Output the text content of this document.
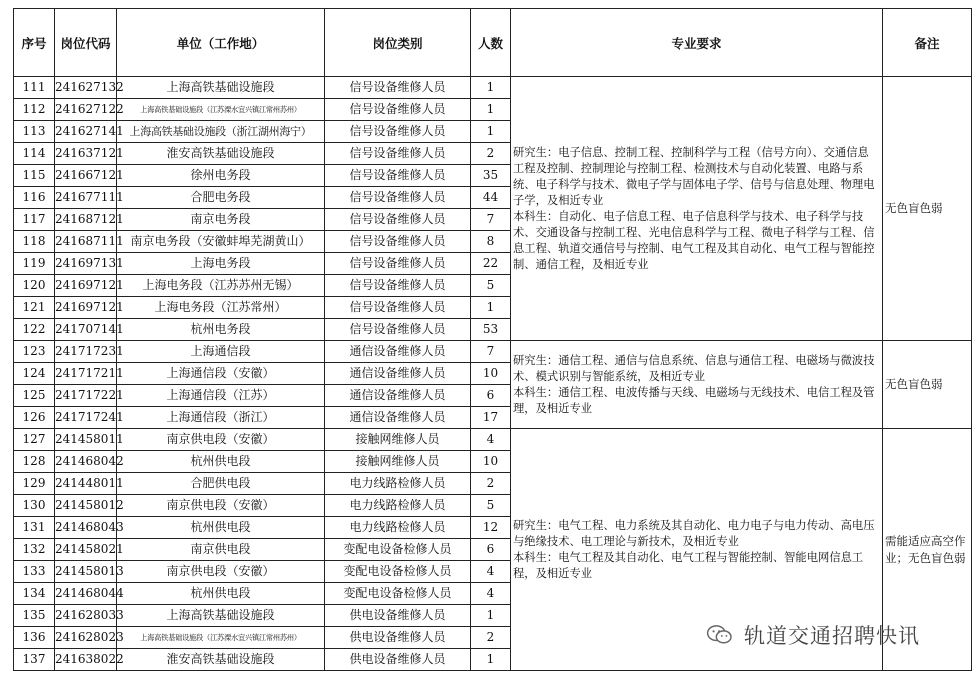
序号	岗位代码	单位（工作地）	岗位类别	人数	专业要求	备注
111	241627132	上海高铁基础设施段	信号设备维修人员	1	研究生：电子信息、控制工程、控制科学与工程（信号方向）、交通信息工程及控制、控制理论与控制工程、检测技术与自动化装置、电路与系统、电子科学与技术、微电子学与固体电子学、信号与信息处理、物理电子学，及相近专业
本科生：自动化、电子信息工程、电子信息科学与技术、电子科学与技术、交通设备与控制工程、光电信息科学与工程、微电子科学与工程、信息工程、轨道交通信号与控制、电气工程及其自动化、电气工程与智能控制、通信工程，及相近专业	无色盲色弱
112	241627122	上海高铁基础设施段（江苏溧水宜兴镇江常州苏州）	信号设备维修人员	1		
113	241627141	上海高铁基础设施段（浙江湖州海宁）	信号设备维修人员	1		
114	241637121	淮安高铁基础设施段	信号设备维修人员	2		
115	241667121	徐州电务段	信号设备维修人员	35		
116	241677111	合肥电务段	信号设备维修人员	44		
117	241687121	南京电务段	信号设备维修人员	7		
118	241687111	南京电务段（安徽蚌埠芜湖黄山）	信号设备维修人员	8		
119	241697131	上海电务段	信号设备维修人员	22		
120	241697121	上海电务段（江苏苏州无锡）	信号设备维修人员	5		
121	241697121	上海电务段（江苏常州）	信号设备维修人员	1		
122	241707141	杭州电务段	信号设备维修人员	53		
123	241717231	上海通信段	通信设备维修人员	7	研究生：通信工程、通信与信息系统、信息与通信工程、电磁场与微波技术、模式识别与智能系统，及相近专业
本科生：通信工程、电波传播与天线、电磁场与无线技术、电信工程及管理，及相近专业	无色盲色弱
124	241717211	上海通信段（安徽）	通信设备维修人员	10		
125	241717221	上海通信段（江苏）	通信设备维修人员	6		
126	241717241	上海通信段（浙江）	通信设备维修人员	17		
127	241458011	南京供电段（安徽）	接触网维修人员	4	研究生：电气工程、电力系统及其自动化、电力电子与电力传动、高电压与绝缘技术、电工理论与新技术，及相近专业
本科生：电气工程及其自动化、电气工程与智能控制、智能电网信息工程，及相近专业	需能适应高空作业；无色盲色弱
128	241468042	杭州供电段	接触网维修人员	10		
129	241448011	合肥供电段	电力线路检修人员	2		
130	241458012	南京供电段（安徽）	电力线路检修人员	5		
131	241468043	杭州供电段	电力线路检修人员	12		
132	241458021	南京供电段	变配电设备检修人员	6		
133	241458013	南京供电段（安徽）	变配电设备检修人员	4		
134	241468044	杭州供电段	变配电设备检修人员	4		
135	241628033	上海高铁基础设施段	供电设备维修人员	1		
136	241628023	上海高铁基础设施段（江苏溧水宜兴镇江常州苏州）	供电设备维修人员	2		
137	241638022	淮安高铁基础设施段	供电设备维修人员	1		
轨道交通招聘快讯
